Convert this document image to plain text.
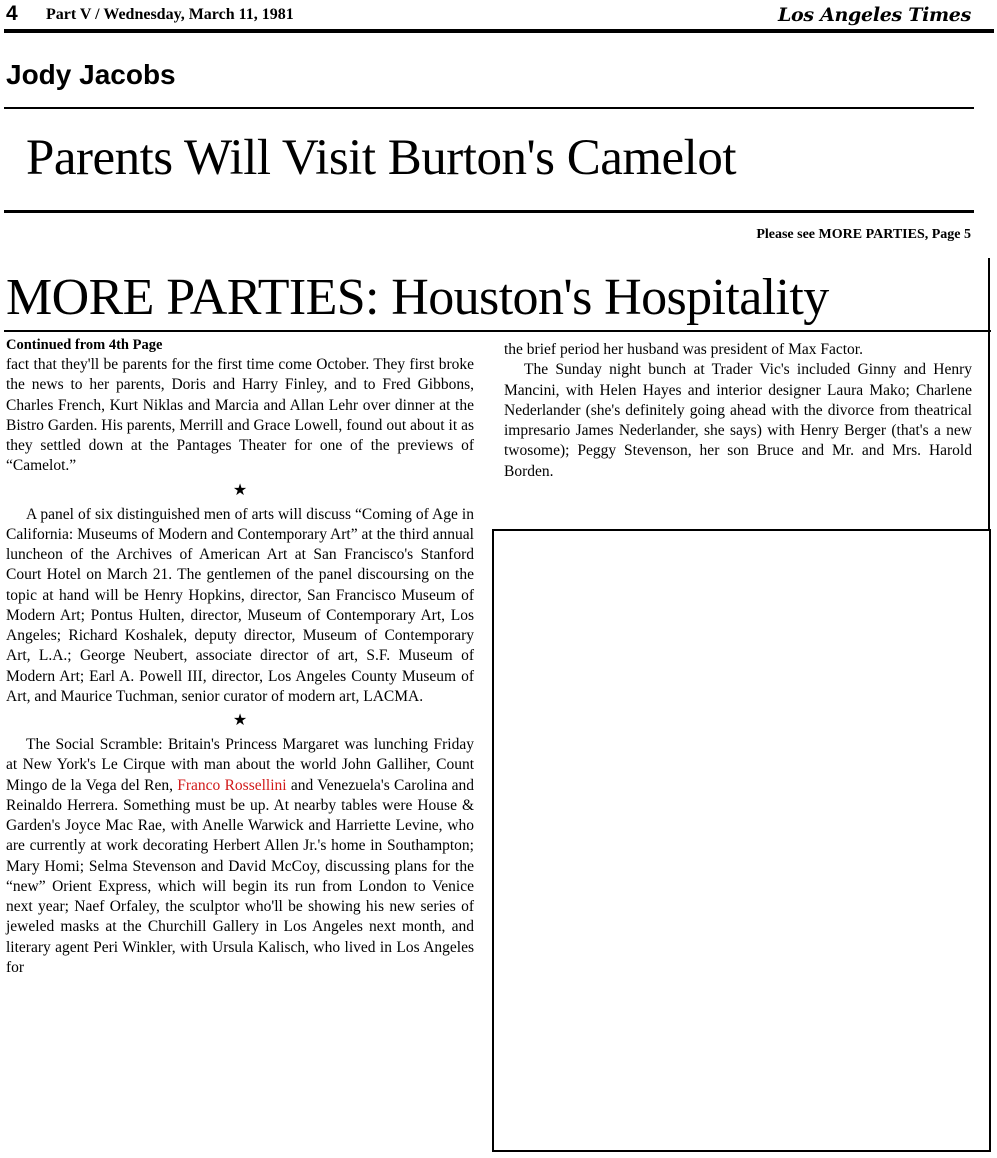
4 Part V / Wednesday, March 11, 1981	Los Angeles Times
Jody Jacobs
Parents Will Visit Burton's Camelot
Please see MORE PARTIES, Page 5
MORE PARTIES: Houston's Hospitality
Continued from 4th Page

fact that they'll be parents for the first time come October. They first broke the news to her parents, Doris and Harry Finley, and to Fred Gibbons, Charles French, Kurt Niklas and Marcia and Allan Lehr over dinner at the Bistro Garden. His parents, Merrill and Grace Lowell, found out about it as they settled down at the Pantages Theater for one of the previews of “Camelot.”

★

A panel of six distinguished men of arts will discuss “Coming of Age in California: Museums of Modern and Contemporary Art” at the third annual luncheon of the Archives of American Art at San Francisco's Stanford Court Hotel on March 21. The gentlemen of the panel discoursing on the topic at hand will be Henry Hopkins, director, San Francisco Museum of Modern Art; Pontus Hulten, director, Museum of Contemporary Art, Los Angeles; Richard Koshalek, deputy director, Museum of Contemporary Art, L.A.; George Neubert, associate director of art, S.F. Museum of Modern Art; Earl A. Powell III, director, Los Angeles County Museum of Art, and Maurice Tuchman, senior curator of modern art, LACMA.

★

The Social Scramble: Britain's Princess Margaret was lunching Friday at New York's Le Cirque with man about the world John Galliher, Count Mingo de la Vega del Ren, Franco Rossellini and Venezuela's Carolina and Reinaldo Herrera. Something must be up. At nearby tables were House & Garden's Joyce Mac Rae, with Anelle Warwick and Harriette Levine, who are currently at work decorating Herbert Allen Jr.'s home in Southampton; Mary Homi; Selma Stevenson and David McCoy, discussing plans for the “new” Orient Express, which will begin its run from London to Venice next year; Naef Orfaley, the sculptor who'll be showing his new series of jeweled masks at the Churchill Gallery in Los Angeles next month, and literary agent Peri Winkler, with Ursula Kalisch, who lived in Los Angeles for

the brief period her husband was president of Max Factor.

The Sunday night bunch at Trader Vic's included Ginny and Henry Mancini, with Helen Hayes and interior designer Laura Mako; Charlene Nederlander (she's definitely going ahead with the divorce from theatrical impresario James Nederlander, she says) with Henry Berger (that's a new twosome); Peggy Stevenson, her son Bruce and Mr. and Mrs. Harold Borden.
